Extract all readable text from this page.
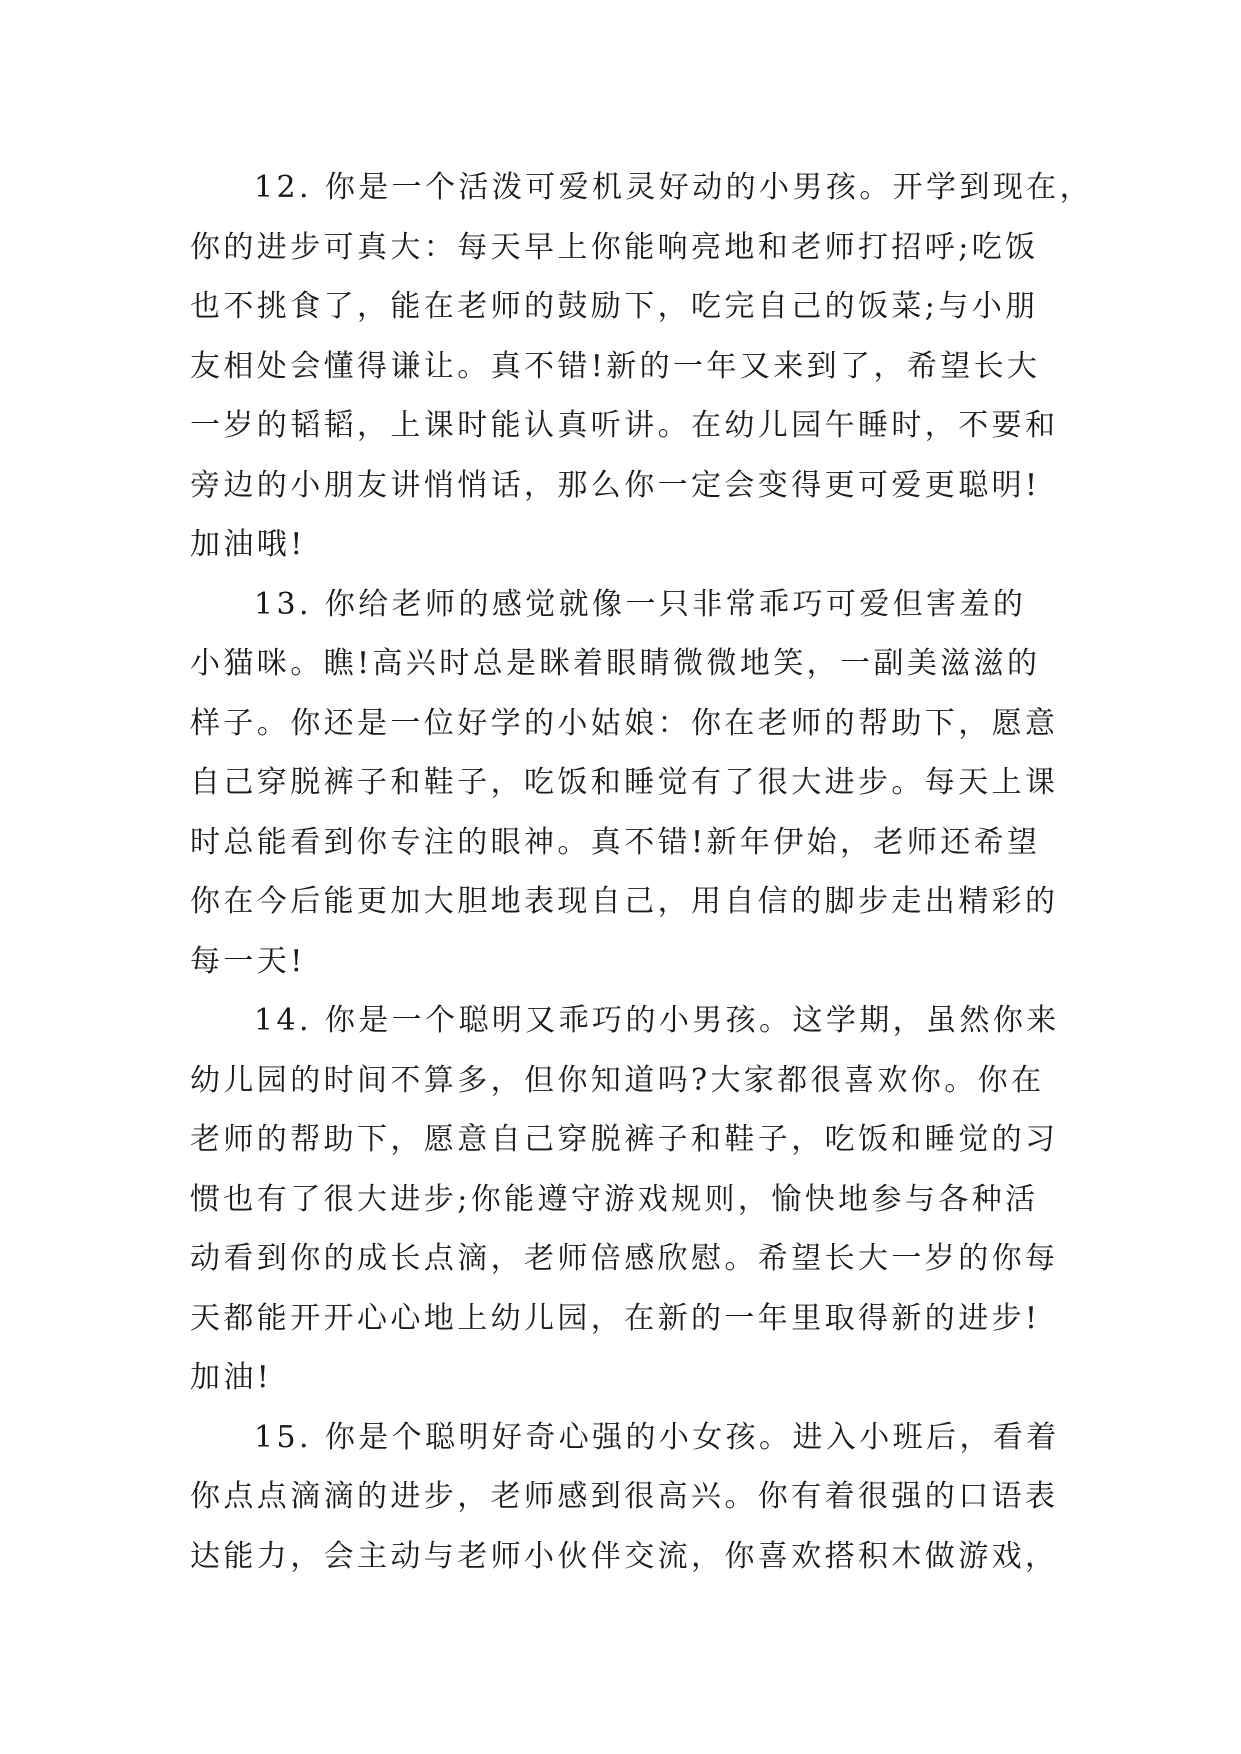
12. 你是一个活泼可爱机灵好动的小男孩。开学到现在，
你的进步可真大：每天早上你能响亮地和老师打招呼;吃饭
也不挑食了，能在老师的鼓励下，吃完自己的饭菜;与小朋
友相处会懂得谦让。真不错!新的一年又来到了，希望长大
一岁的韬韬，上课时能认真听讲。在幼儿园午睡时，不要和
旁边的小朋友讲悄悄话，那么你一定会变得更可爱更聪明!
加油哦!
13. 你给老师的感觉就像一只非常乖巧可爱但害羞的
小猫咪。瞧!高兴时总是眯着眼睛微微地笑，一副美滋滋的
样子。你还是一位好学的小姑娘：你在老师的帮助下，愿意
自己穿脱裤子和鞋子，吃饭和睡觉有了很大进步。每天上课
时总能看到你专注的眼神。真不错!新年伊始，老师还希望
你在今后能更加大胆地表现自己，用自信的脚步走出精彩的
每一天!
14. 你是一个聪明又乖巧的小男孩。这学期，虽然你来
幼儿园的时间不算多，但你知道吗?大家都很喜欢你。你在
老师的帮助下，愿意自己穿脱裤子和鞋子，吃饭和睡觉的习
惯也有了很大进步;你能遵守游戏规则，愉快地参与各种活
动看到你的成长点滴，老师倍感欣慰。希望长大一岁的你每
天都能开开心心地上幼儿园，在新的一年里取得新的进步!
加油!
15. 你是个聪明好奇心强的小女孩。进入小班后，看着
你点点滴滴的进步，老师感到很高兴。你有着很强的口语表
达能力，会主动与老师小伙伴交流，你喜欢搭积木做游戏，
